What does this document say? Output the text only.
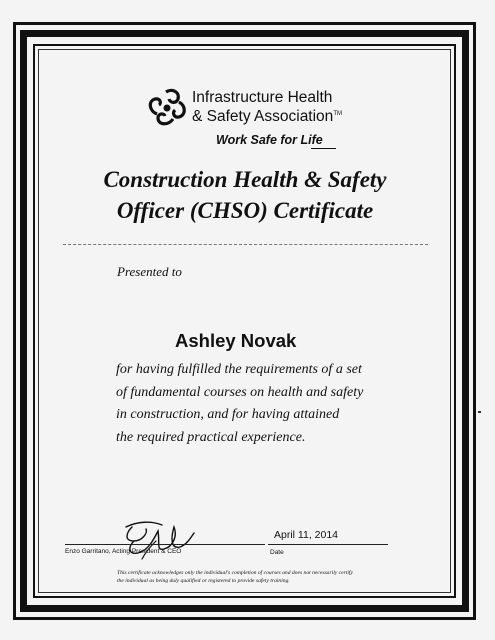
Infrastructure Health
& Safety Association™
Work Safe for Life
Construction Health & Safety
Officer (CHSO) Certificate
Presented to
Ashley Novak
for having fulfilled the requirements of a set
of fundamental courses on health and safety
in construction, and for having attained
the required practical experience.
Enzo Garritano, Acting President & CEO
April 11, 2014
Date
This certificate acknowledges only the individual's completion of courses and does not necessarily certify
the individual as being duly qualified or registered to provide safety training.
